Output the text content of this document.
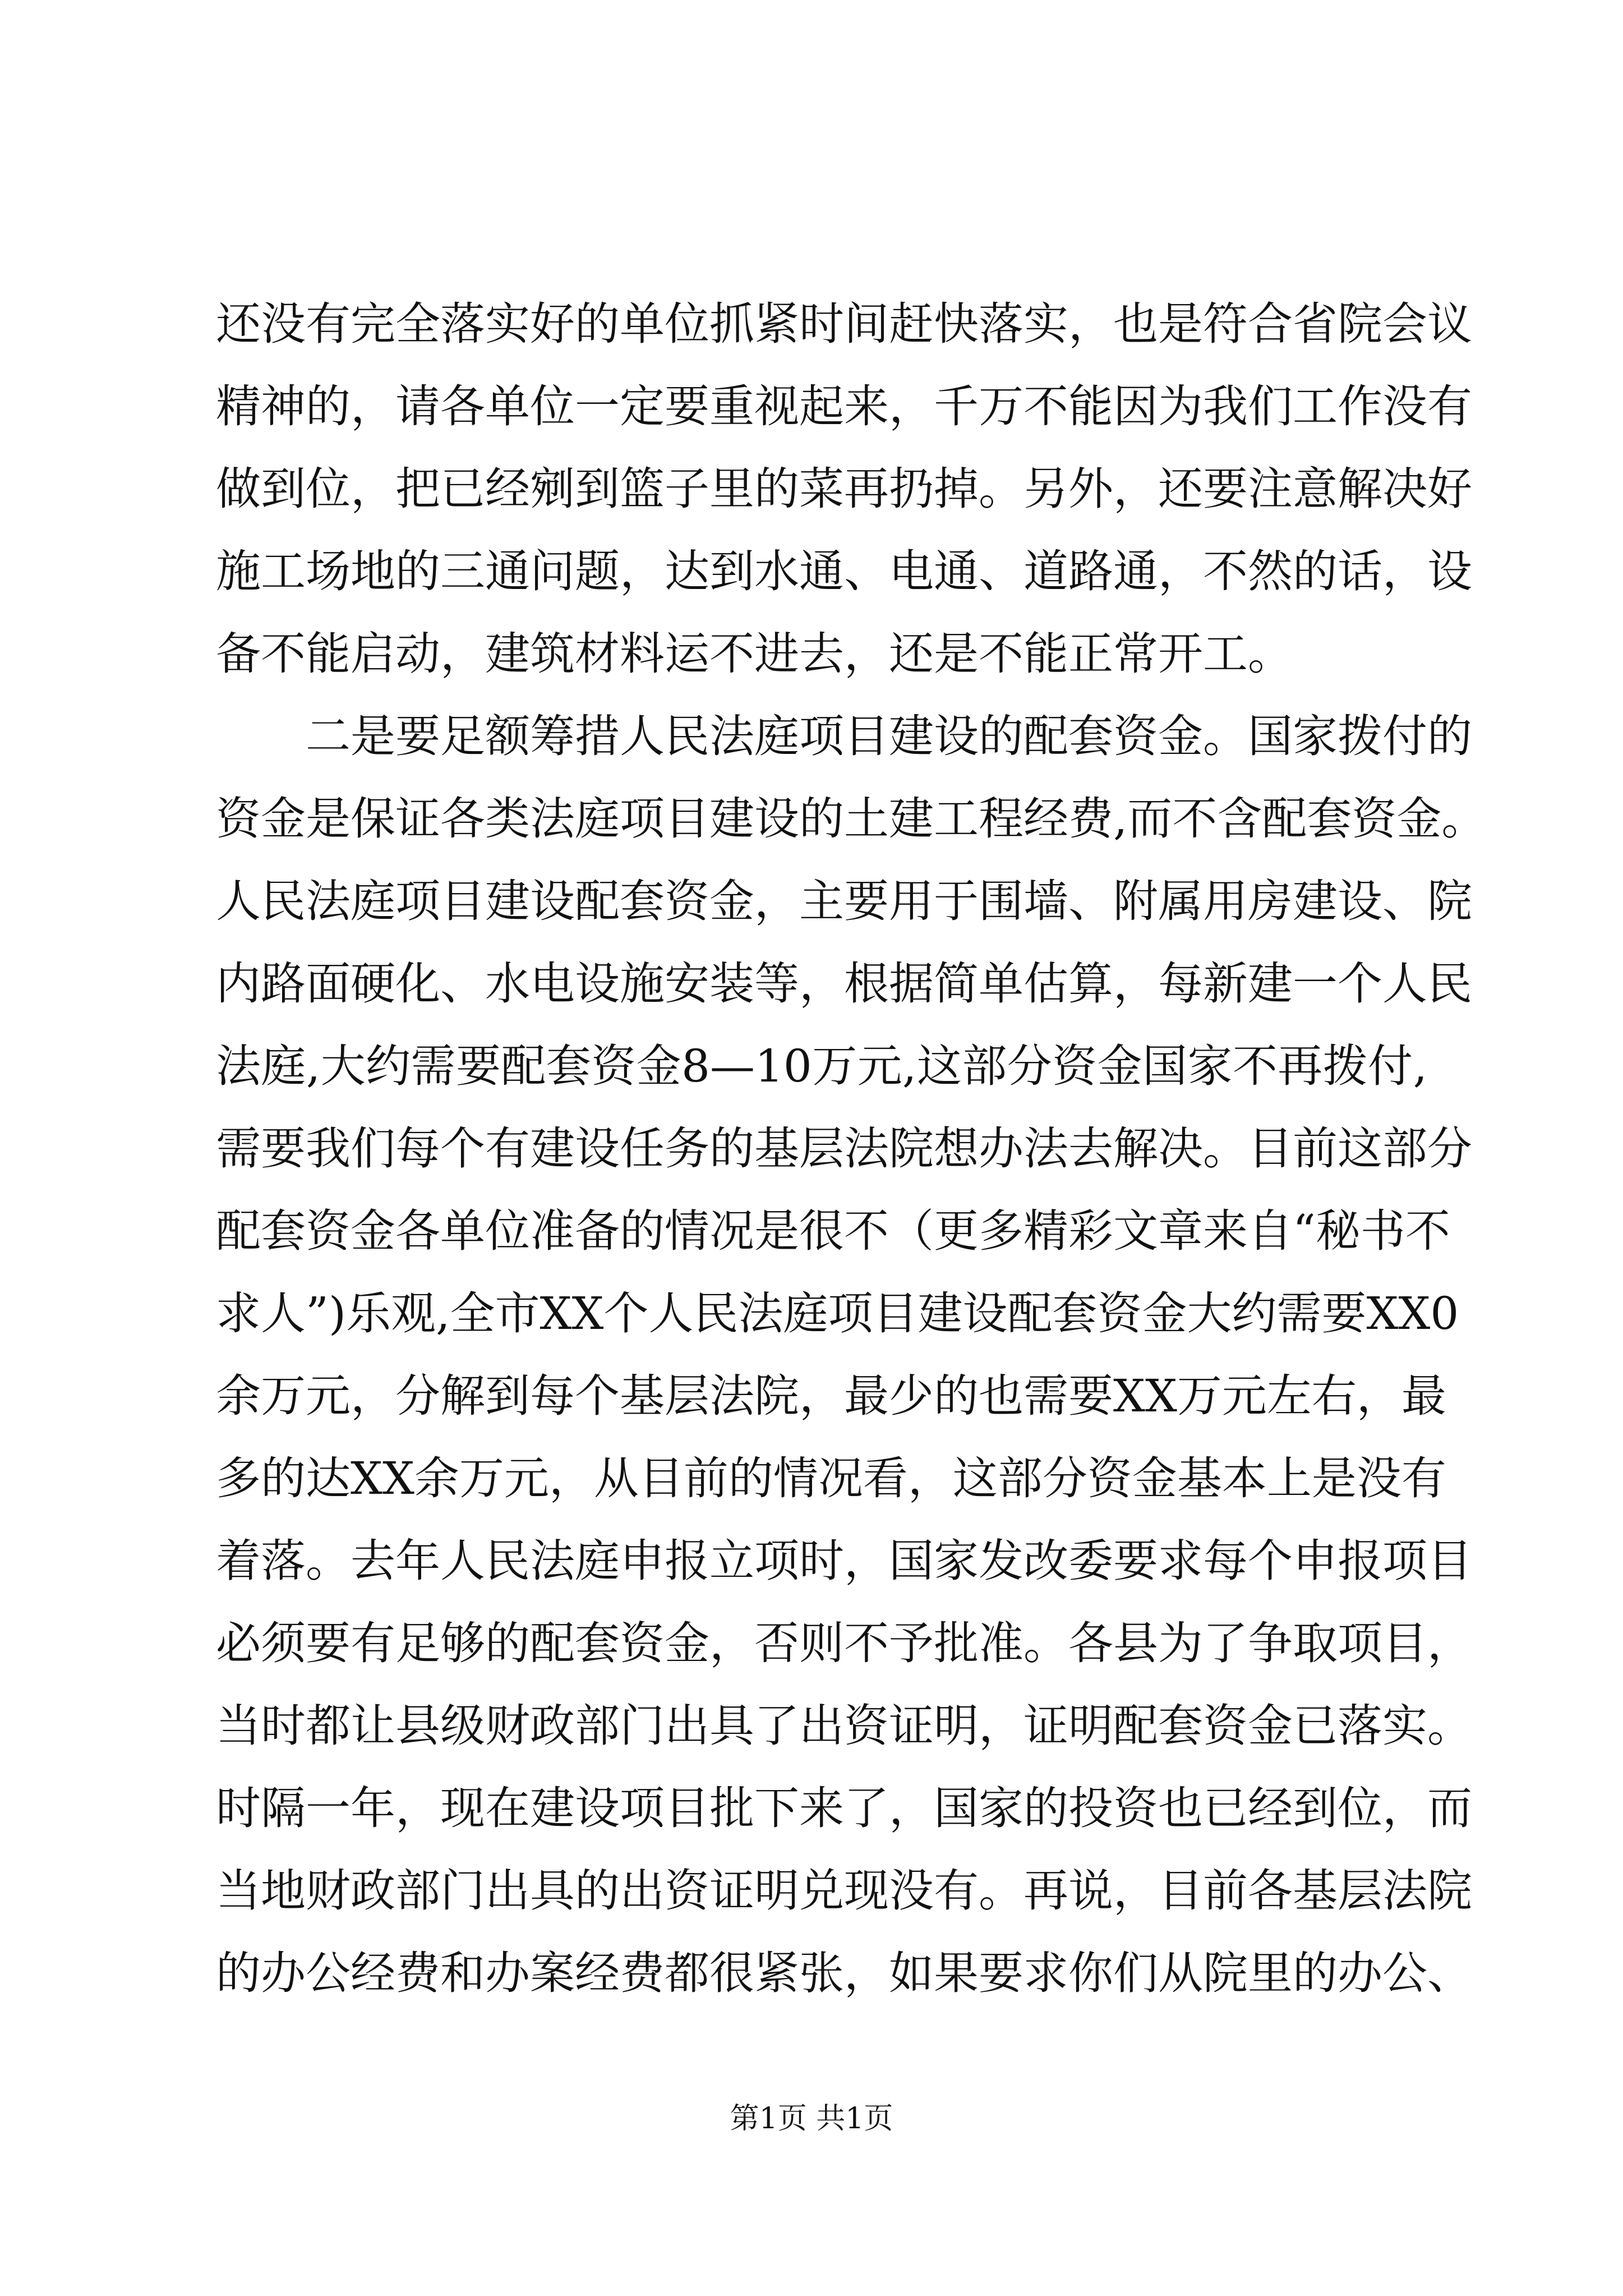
还没有完全落实好的单位抓紧时间赶快落实，也是符合省院会议
精神的，请各单位一定要重视起来，千万不能因为我们工作没有
做到位，把已经剜到篮子里的菜再扔掉。另外，还要注意解决好
施工场地的三通问题，达到水通、电通、道路通，不然的话，设
备不能启动，建筑材料运不进去，还是不能正常开工。
二是要足额筹措人民法庭项目建设的配套资金。国家拨付的
资金是保证各类法庭项目建设的土建工程经费,而不含配套资金。
人民法庭项目建设配套资金，主要用于围墙、附属用房建设、院
内路面硬化、水电设施安装等，根据简单估算，每新建一个人民
法庭,大约需要配套资金8—10万元,这部分资金国家不再拨付,
需要我们每个有建设任务的基层法院想办法去解决。目前这部分
配套资金各单位准备的情况是很不（更多精彩文章来自“秘书不
求人”)乐观,全市XX个人民法庭项目建设配套资金大约需要XX0
余万元，分解到每个基层法院，最少的也需要XX万元左右，最
多的达XX余万元，从目前的情况看，这部分资金基本上是没有
着落。去年人民法庭申报立项时，国家发改委要求每个申报项目
必须要有足够的配套资金，否则不予批准。各县为了争取项目，
当时都让县级财政部门出具了出资证明，证明配套资金已落实。
时隔一年，现在建设项目批下来了，国家的投资也已经到位，而
当地财政部门出具的出资证明兑现没有。再说，目前各基层法院
的办公经费和办案经费都很紧张，如果要求你们从院里的办公、
第1页 共1页
